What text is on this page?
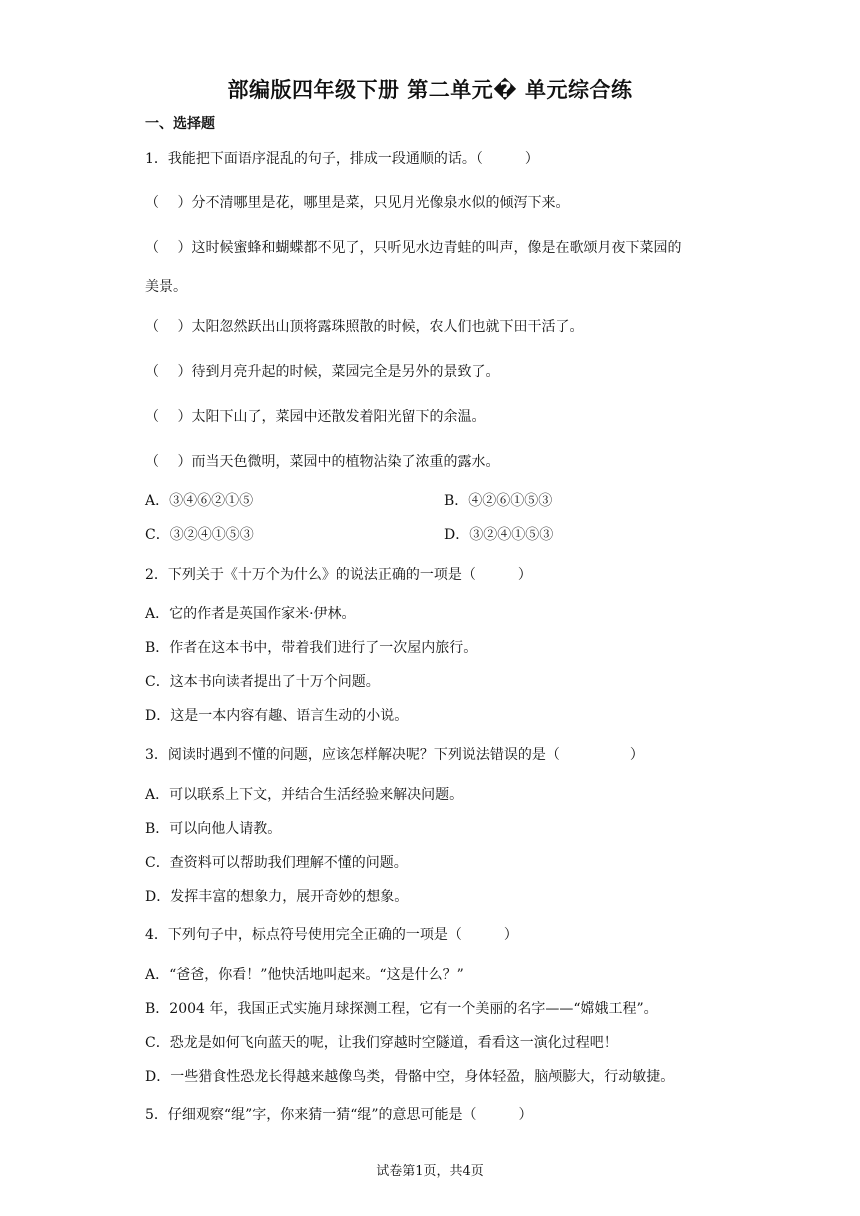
部编版四年级下册 第二单元� 单元综合练
一、选择题
1．我能把下面语序混乱的句子，排成一段通顺的话。（　　　）
（　 ）分不清哪里是花，哪里是菜，只见月光像泉水似的倾泻下来。
（　 ）这时候蜜蜂和蝴蝶都不见了，只听见水边青蛙的叫声，像是在歌颂月夜下菜园的
美景。
（　 ）太阳忽然跃出山顶将露珠照散的时候，农人们也就下田干活了。
（　 ）待到月亮升起的时候，菜园完全是另外的景致了。
（　 ）太阳下山了，菜园中还散发着阳光留下的余温。
（　 ）而当天色微明，菜园中的植物沾染了浓重的露水。
A．③④⑥②①⑤	B．④②⑥①⑤③
C．③②④①⑤③	D．③②④①⑤③
2．下列关于《十万个为什么》的说法正确的一项是（　　　）
A．它的作者是英国作家米·伊林。
B．作者在这本书中，带着我们进行了一次屋内旅行。
C．这本书向读者提出了十万个问题。
D．这是一本内容有趣、语言生动的小说。
3．阅读时遇到不懂的问题，应该怎样解决呢？下列说法错误的是（　　　　　）
A．可以联系上下文，并结合生活经验来解决问题。
B．可以向他人请教。
C．查资料可以帮助我们理解不懂的问题。
D．发挥丰富的想象力，展开奇妙的想象。
4．下列句子中，标点符号使用完全正确的一项是（　　　）
A．“爸爸，你看！”他快活地叫起来。“这是什么？”
B．2004 年，我国正式实施月球探测工程，它有一个美丽的名字——“嫦娥工程”。
C．恐龙是如何飞向蓝天的呢，让我们穿越时空隧道，看看这一演化过程吧！
D．一些猎食性恐龙长得越来越像鸟类，骨骼中空，身体轻盈，脑颅膨大，行动敏捷。
5．仔细观察“绲”字，你来猜一猜“绲”的意思可能是（　　　）
试卷第1页，共4页
